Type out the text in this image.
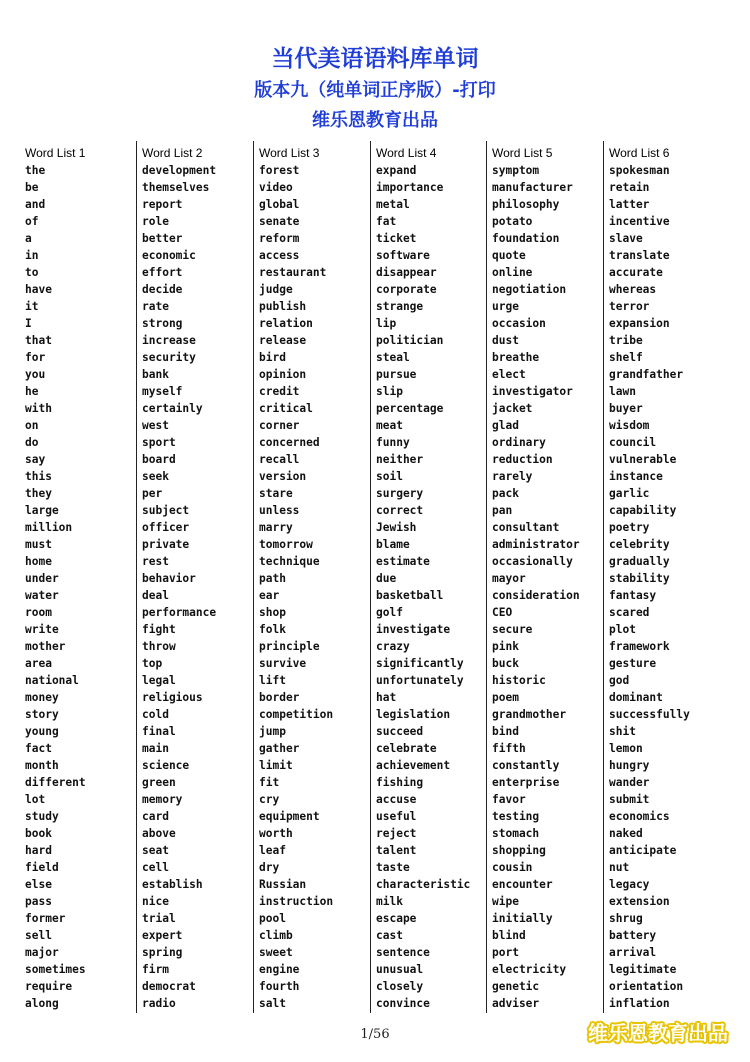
当代美语语料库单词
版本九（纯单词正序版）-打印
维乐恩教育出品
Word List 1
the
be
and
of
a
in
to
have
it
I
that
for
you
he
with
on
do
say
this
they
large
million
must
home
under
water
room
write
mother
area
national
money
story
young
fact
month
different
lot
study
book
hard
field
else
pass
former
sell
major
sometimes
require
along
Word List 2
development
themselves
report
role
better
economic
effort
decide
rate
strong
increase
security
bank
myself
certainly
west
sport
board
seek
per
subject
officer
private
rest
behavior
deal
performance
fight
throw
top
legal
religious
cold
final
main
science
green
memory
card
above
seat
cell
establish
nice
trial
expert
spring
firm
democrat
radio
Word List 3
forest
video
global
senate
reform
access
restaurant
judge
publish
relation
release
bird
opinion
credit
critical
corner
concerned
recall
version
stare
unless
marry
tomorrow
technique
path
ear
shop
folk
principle
survive
lift
border
competition
jump
gather
limit
fit
cry
equipment
worth
leaf
dry
Russian
instruction
pool
climb
sweet
engine
fourth
salt
Word List 4
expand
importance
metal
fat
ticket
software
disappear
corporate
strange
lip
politician
steal
pursue
slip
percentage
meat
funny
neither
soil
surgery
correct
Jewish
blame
estimate
due
basketball
golf
investigate
crazy
significantly
unfortunately
hat
legislation
succeed
celebrate
achievement
fishing
accuse
useful
reject
talent
taste
characteristic
milk
escape
cast
sentence
unusual
closely
convince
Word List 5
symptom
manufacturer
philosophy
potato
foundation
quote
online
negotiation
urge
occasion
dust
breathe
elect
investigator
jacket
glad
ordinary
reduction
rarely
pack
pan
consultant
administrator
occasionally
mayor
consideration
CEO
secure
pink
buck
historic
poem
grandmother
bind
fifth
constantly
enterprise
favor
testing
stomach
shopping
cousin
encounter
wipe
initially
blind
port
electricity
genetic
adviser
Word List 6
spokesman
retain
latter
incentive
slave
translate
accurate
whereas
terror
expansion
tribe
shelf
grandfather
lawn
buyer
wisdom
council
vulnerable
instance
garlic
capability
poetry
celebrity
gradually
stability
fantasy
scared
plot
framework
gesture
god
dominant
successfully
shit
lemon
hungry
wander
submit
economics
naked
anticipate
nut
legacy
extension
shrug
battery
arrival
legitimate
orientation
inflation
1/56	维乐恩教育出品
